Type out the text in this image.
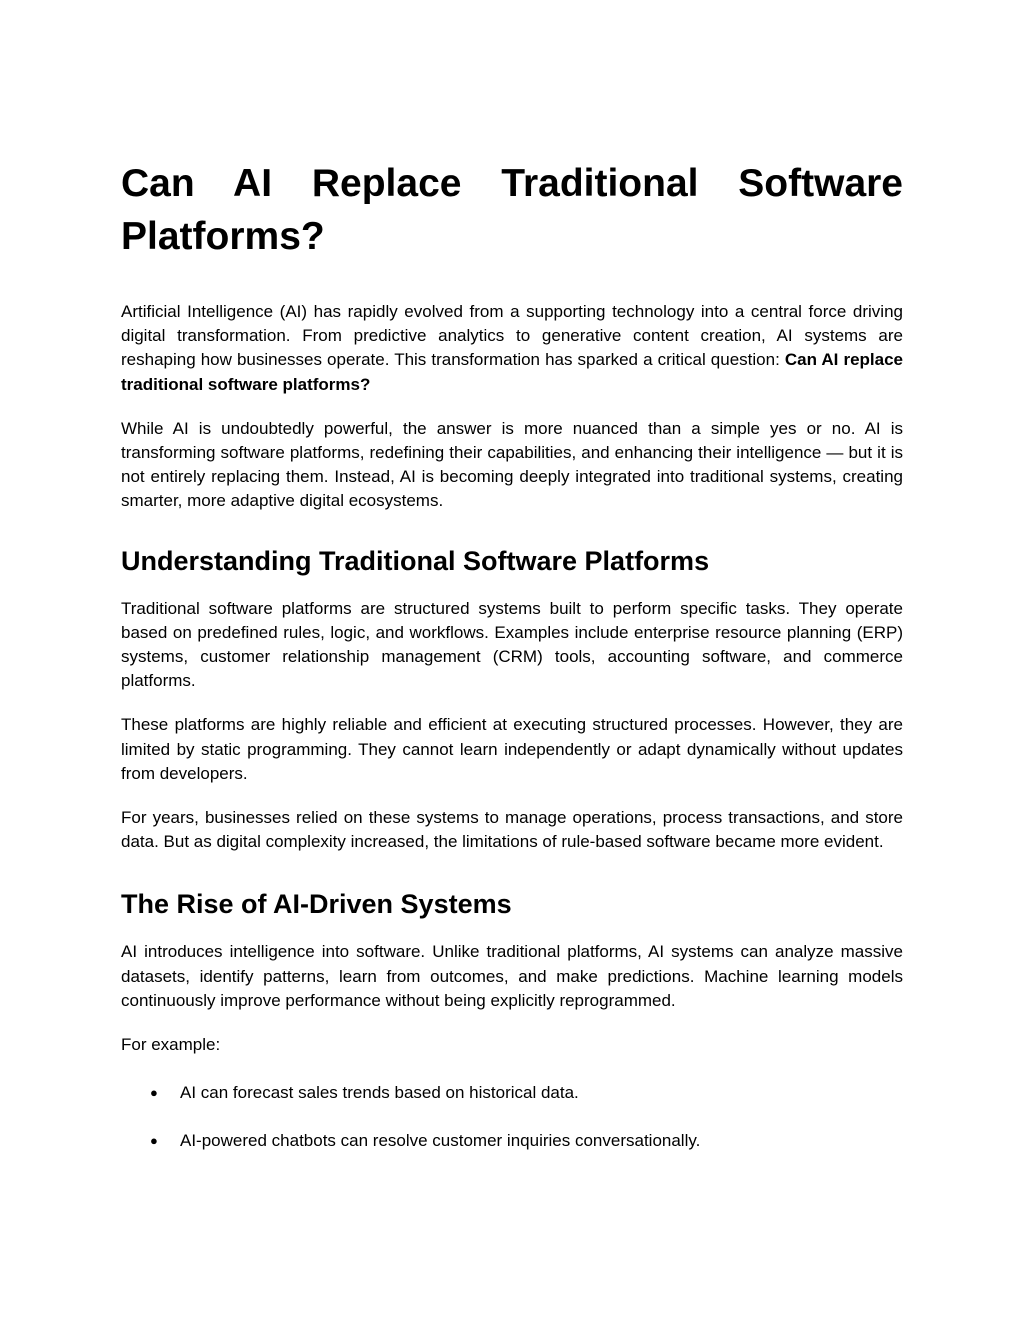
Can AI Replace Traditional Software Platforms?

Artificial Intelligence (AI) has rapidly evolved from a supporting technology into a central force driving digital transformation. From predictive analytics to generative content creation, AI systems are reshaping how businesses operate. This transformation has sparked a critical question: Can AI replace traditional software platforms?

While AI is undoubtedly powerful, the answer is more nuanced than a simple yes or no. AI is transforming software platforms, redefining their capabilities, and enhancing their intelligence — but it is not entirely replacing them. Instead, AI is becoming deeply integrated into traditional systems, creating smarter, more adaptive digital ecosystems.

Understanding Traditional Software Platforms

Traditional software platforms are structured systems built to perform specific tasks. They operate based on predefined rules, logic, and workflows. Examples include enterprise resource planning (ERP) systems, customer relationship management (CRM) tools, accounting software, and commerce platforms.

These platforms are highly reliable and efficient at executing structured processes. However, they are limited by static programming. They cannot learn independently or adapt dynamically without updates from developers.

For years, businesses relied on these systems to manage operations, process transactions, and store data. But as digital complexity increased, the limitations of rule-based software became more evident.

The Rise of AI-Driven Systems

AI introduces intelligence into software. Unlike traditional platforms, AI systems can analyze massive datasets, identify patterns, learn from outcomes, and make predictions. Machine learning models continuously improve performance without being explicitly reprogrammed.

For example:

● AI can forecast sales trends based on historical data.
● AI-powered chatbots can resolve customer inquiries conversationally.
